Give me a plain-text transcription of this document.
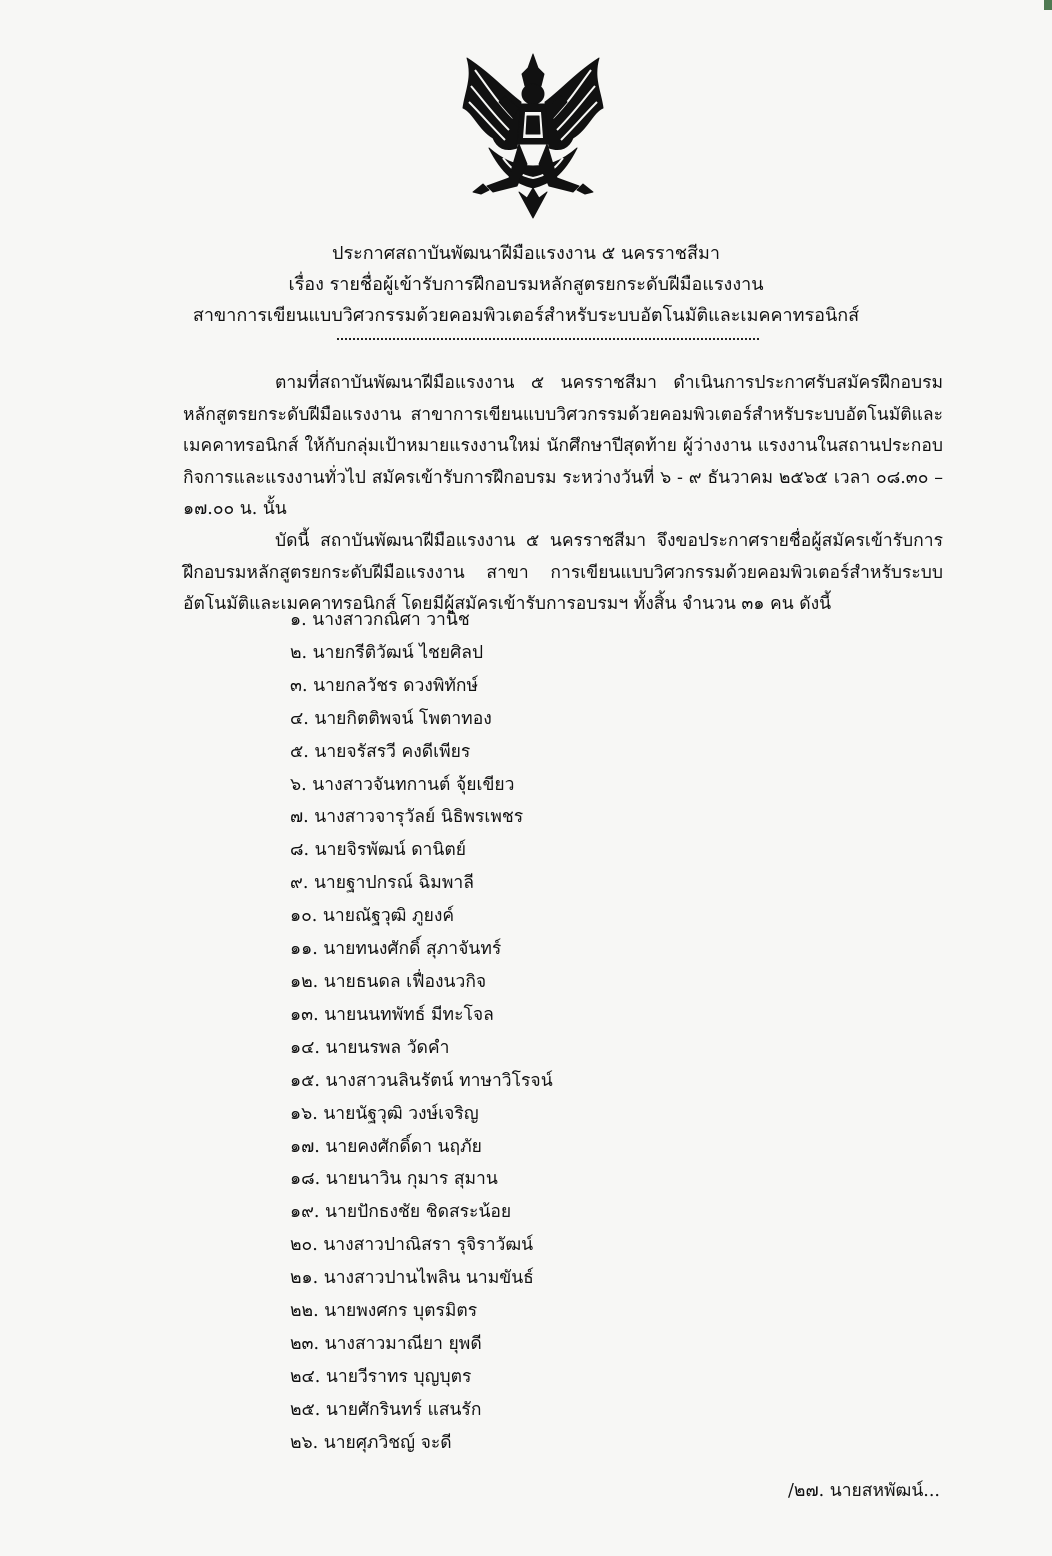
ประกาศสถาบันพัฒนาฝีมือแรงงาน ๕ นครราชสีมา
เรื่อง รายชื่อผู้เข้ารับการฝึกอบรมหลักสูตรยกระดับฝีมือแรงงาน
สาขาการเขียนแบบวิศวกรรมด้วยคอมพิวเตอร์สำหรับระบบอัตโนมัติและเมคคาทรอนิกส์

ตามที่สถาบันพัฒนาฝีมือแรงงาน ๕ นครราชสีมา ดำเนินการประกาศรับสมัครฝึกอบรม หลักสูตรยกระดับฝีมือแรงงาน สาขาการเขียนแบบวิศวกรรมด้วยคอมพิวเตอร์สำหรับระบบอัตโนมัติและเมคคาทรอนิกส์ ให้กับกลุ่มเป้าหมายแรงงานใหม่ นักศึกษาปีสุดท้าย ผู้ว่างงาน แรงงานในสถานประกอบกิจการและแรงงานทั่วไป สมัครเข้ารับการฝึกอบรม ระหว่างวันที่ ๖ - ๙ ธันวาคม ๒๕๖๕ เวลา ๐๘.๓๐ – ๑๗.๐๐ น. นั้น

บัดนี้ สถาบันพัฒนาฝีมือแรงงาน ๕ นครราชสีมา จึงขอประกาศรายชื่อผู้สมัครเข้ารับการฝึกอบรมหลักสูตรยกระดับฝีมือแรงงาน สาขา การเขียนแบบวิศวกรรมด้วยคอมพิวเตอร์สำหรับระบบอัตโนมัติและเมคคาทรอนิกส์ โดยมีผู้สมัครเข้ารับการอบรมฯ ทั้งสิ้น จำนวน ๓๑ คน ดังนี้

๑. นางสาวกณิศา วานิช
๒. นายกรีติวัฒน์ ไชยศิลป
๓. นายกลวัชร ดวงพิทักษ์
๔. นายกิตติพจน์ โพตาทอง
๕. นายจรัสรวี คงดีเพียร
๖. นางสาวจันทกานต์ จุ้ยเขียว
๗. นางสาวจารุวัลย์ นิธิพรเพชร
๘. นายจิรพัฒน์ ดานิตย์
๙. นายฐาปกรณ์ ฉิมพาลี
๑๐. นายณัฐวุฒิ ภูยงค์
๑๑. นายทนงศักดิ์ สุภาจันทร์
๑๒. นายธนดล เฟื่องนวกิจ
๑๓. นายนนทพัทธ์ มีทะโจล
๑๔. นายนรพล วัดคำ
๑๕. นางสาวนลินรัตน์ ทาษาวิโรจน์
๑๖. นายนัฐวุฒิ วงษ์เจริญ
๑๗. นายคงศักดิ์ดา นฤภัย
๑๘. นายนาวิน กุมาร สุมาน
๑๙. นายปักธงชัย ชิดสระน้อย
๒๐. นางสาวปาณิสรา รุจิราวัฒน์
๒๑. นางสาวปานไพลิน นามขันธ์
๒๒. นายพงศกร บุตรมิตร
๒๓. นางสาวมาณียา ยุพดี
๒๔. นายวีราทร บุญบุตร
๒๕. นายศักรินทร์ แสนรัก
๒๖. นายศุภวิชญ์ จะดี
/๒๗. นายสหพัฒน์...
